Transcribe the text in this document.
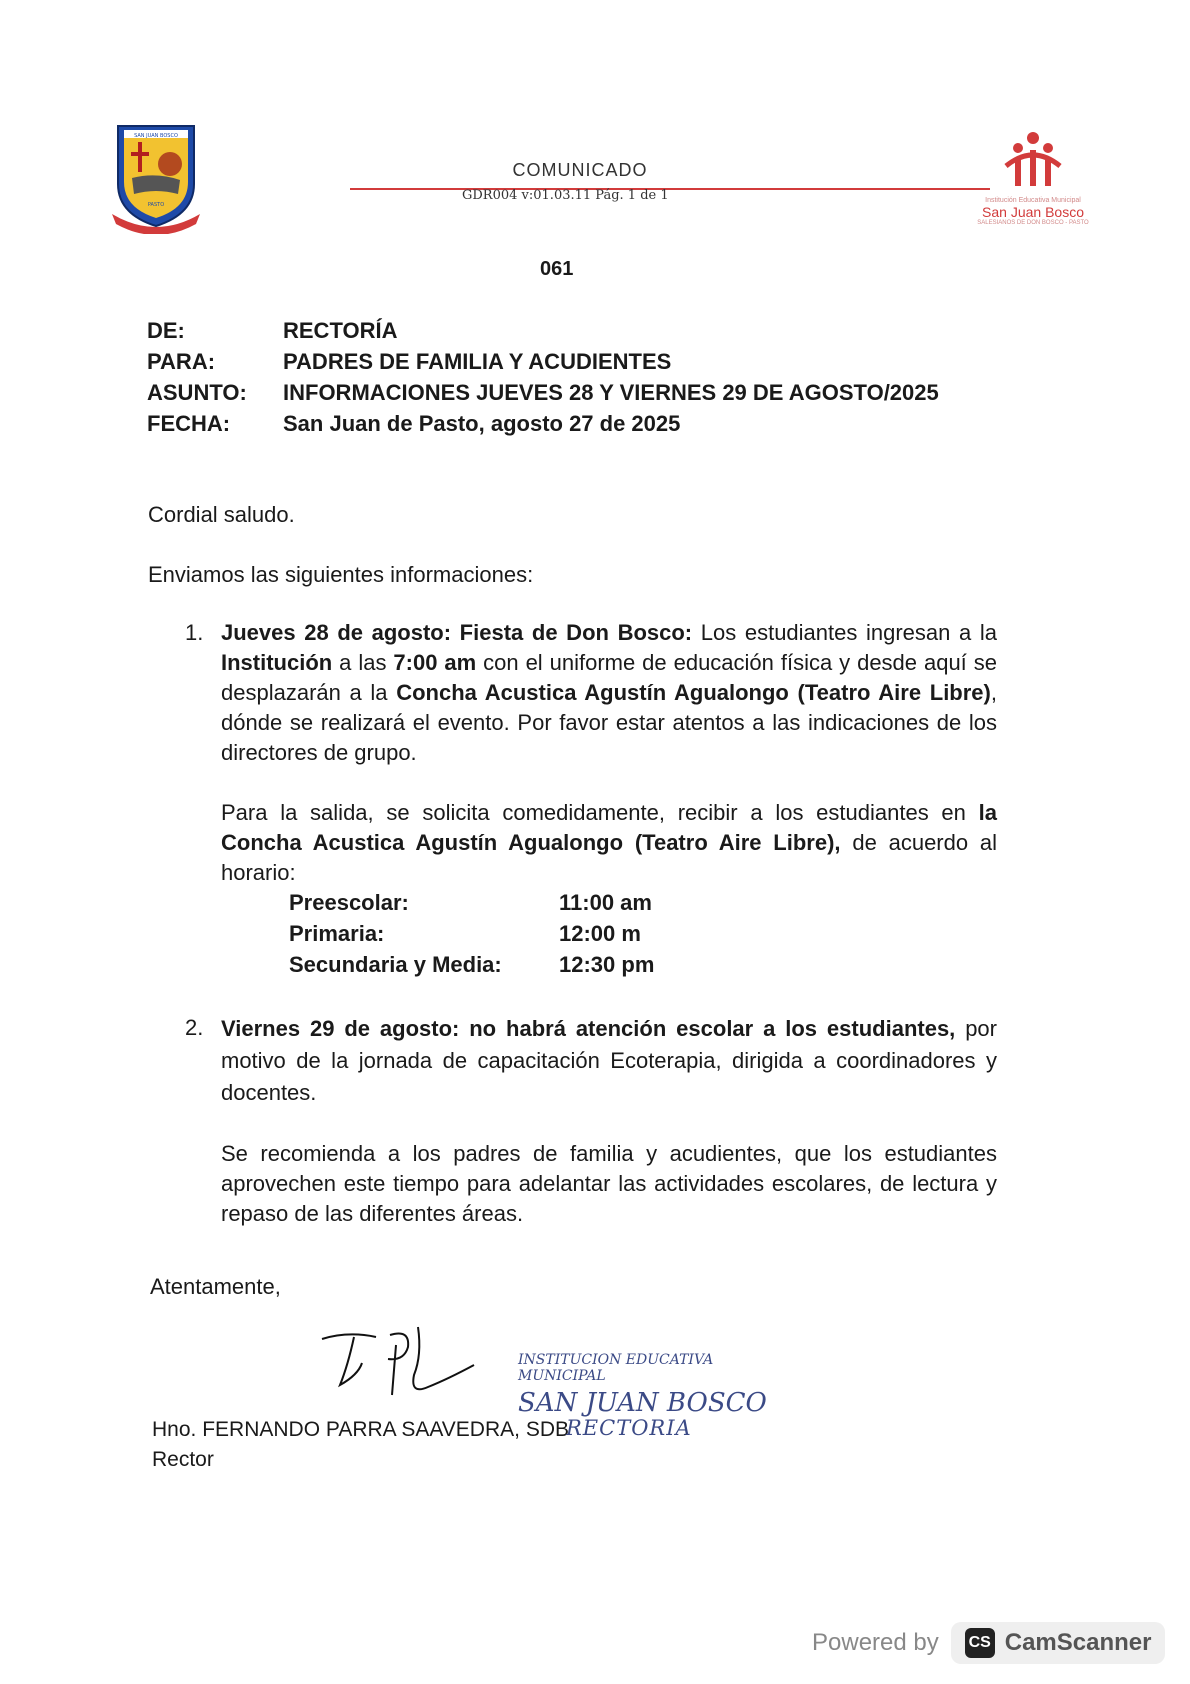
SAN JUAN BOSCO
PASTO
COMUNICADO
GDR004 v:01.03.11 Pág. 1 de 1	Institución Educativa Municipal
San Juan Bosco
SALESIANOS DE DON BOSCO - PASTO
061
DE:	RECTORÍA
PARA:	PADRES DE FAMILIA Y ACUDIENTES
ASUNTO:	INFORMACIONES JUEVES 28 Y VIERNES 29 DE AGOSTO/2025
FECHA:	San Juan de Pasto, agosto 27 de 2025
Cordial saludo.
Enviamos las siguientes informaciones:
1. Jueves 28 de agosto: Fiesta de Don Bosco: Los estudiantes ingresan a la Institución a las 7:00 am con el uniforme de educación física y desde aquí se desplazarán a la Concha Acustica Agustín Agualongo (Teatro Aire Libre), dónde se realizará el evento. Por favor estar atentos a las indicaciones de los directores de grupo.
Para la salida, se solicita comedidamente, recibir a los estudiantes en la Concha Acustica Agustín Agualongo (Teatro Aire Libre), de acuerdo al horario:
Preescolar:	11:00 am
Primaria:	12:00 m
Secundaria y Media:	12:30 pm
2. Viernes 29 de agosto: no habrá atención escolar a los estudiantes, por motivo de la jornada de capacitación Ecoterapia, dirigida a coordinadores y docentes.
Se recomienda a los padres de familia y acudientes, que los estudiantes aprovechen este tiempo para adelantar las actividades escolares, de lectura y repaso de las diferentes áreas.
Atentamente,
Hno. FERNANDO PARRA SAAVEDRA, SDB
Rector
INSTITUCION EDUCATIVA MUNICIPAL
SAN JUAN BOSCO
RECTORIA
Powered by CS CamScanner
